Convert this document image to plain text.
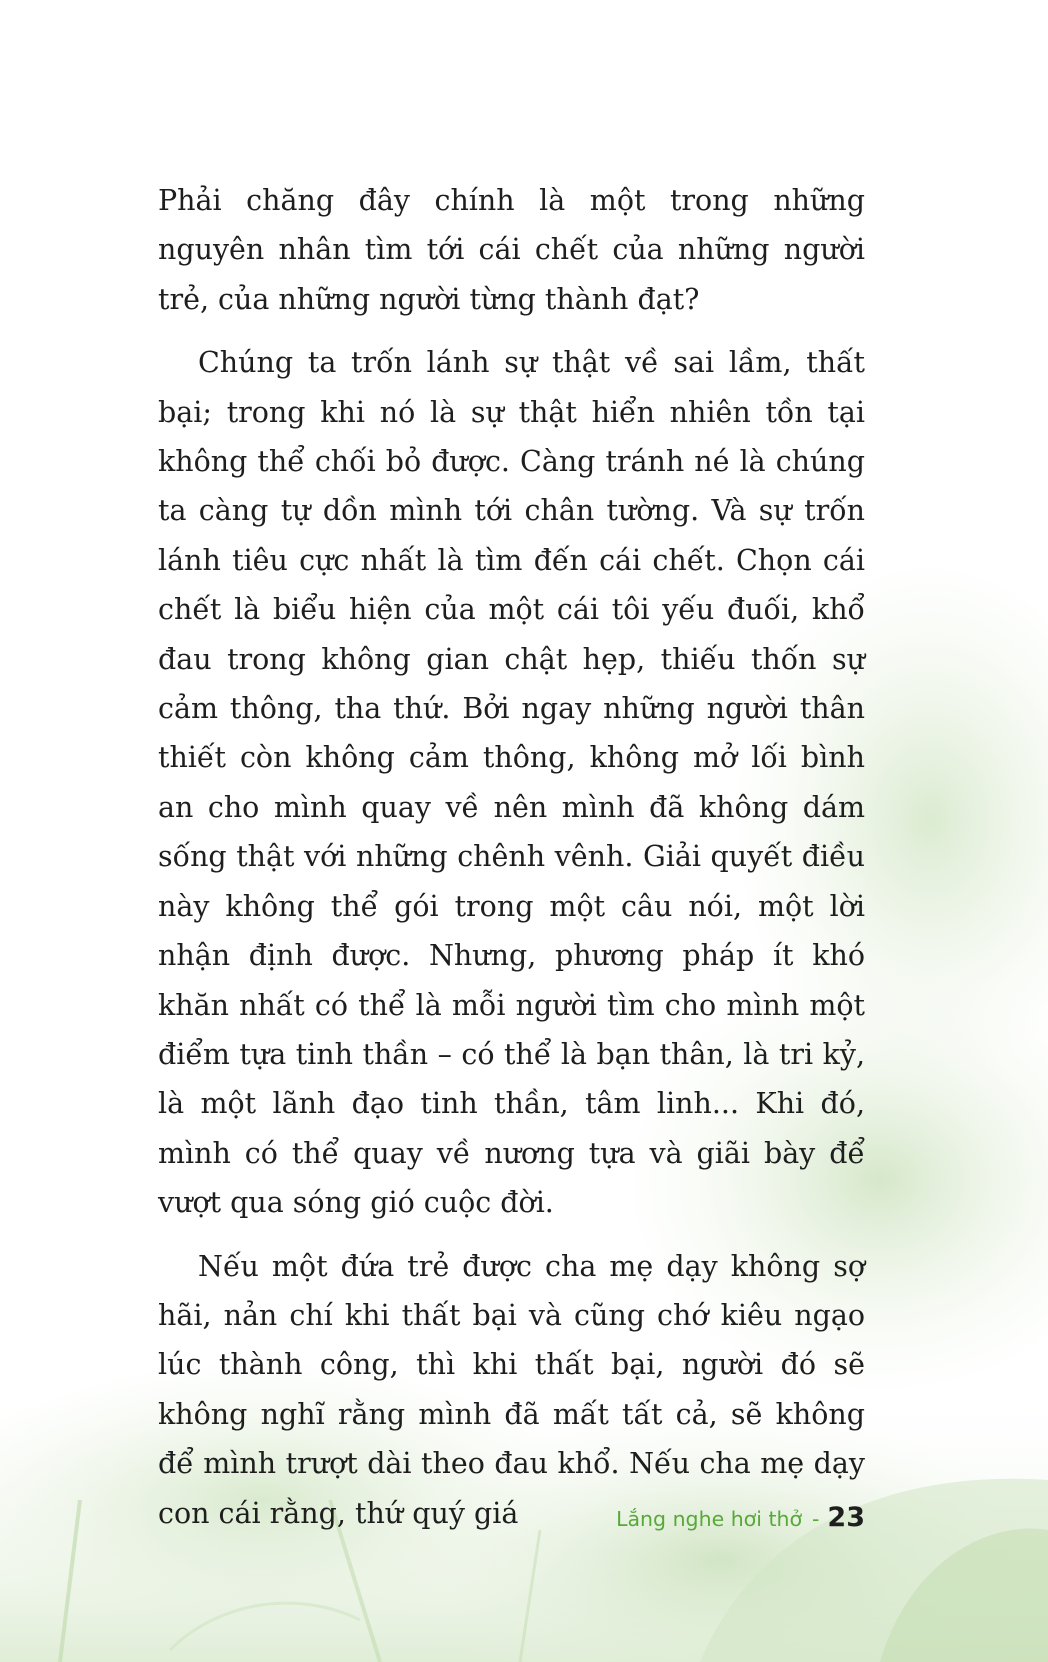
Phải chăng đây chính là một trong những nguyên nhân tìm tới cái chết của những người trẻ, của những người từng thành đạt?

Chúng ta trốn lánh sự thật về sai lầm, thất bại; trong khi nó là sự thật hiển nhiên tồn tại không thể chối bỏ được. Càng tránh né là chúng ta càng tự dồn mình tới chân tường. Và sự trốn lánh tiêu cực nhất là tìm đến cái chết. Chọn cái chết là biểu hiện của một cái tôi yếu đuối, khổ đau trong không gian chật hẹp, thiếu thốn sự cảm thông, tha thứ. Bởi ngay những người thân thiết còn không cảm thông, không mở lối bình an cho mình quay về nên mình đã không dám sống thật với những chênh vênh. Giải quyết điều này không thể gói trong một câu nói, một lời nhận định được. Nhưng, phương pháp ít khó khăn nhất có thể là mỗi người tìm cho mình một điểm tựa tinh thần – có thể là bạn thân, là tri kỷ, là một lãnh đạo tinh thần, tâm linh... Khi đó, mình có thể quay về nương tựa và giãi bày để vượt qua sóng gió cuộc đời.

Nếu một đứa trẻ được cha mẹ dạy không sợ hãi, nản chí khi thất bại và cũng chớ kiêu ngạo lúc thành công, thì khi thất bại, người đó sẽ không nghĩ rằng mình đã mất tất cả, sẽ không để mình trượt dài theo đau khổ. Nếu cha mẹ dạy con cái rằng, thứ quý giá	Lắng nghe hơi thở - 23
